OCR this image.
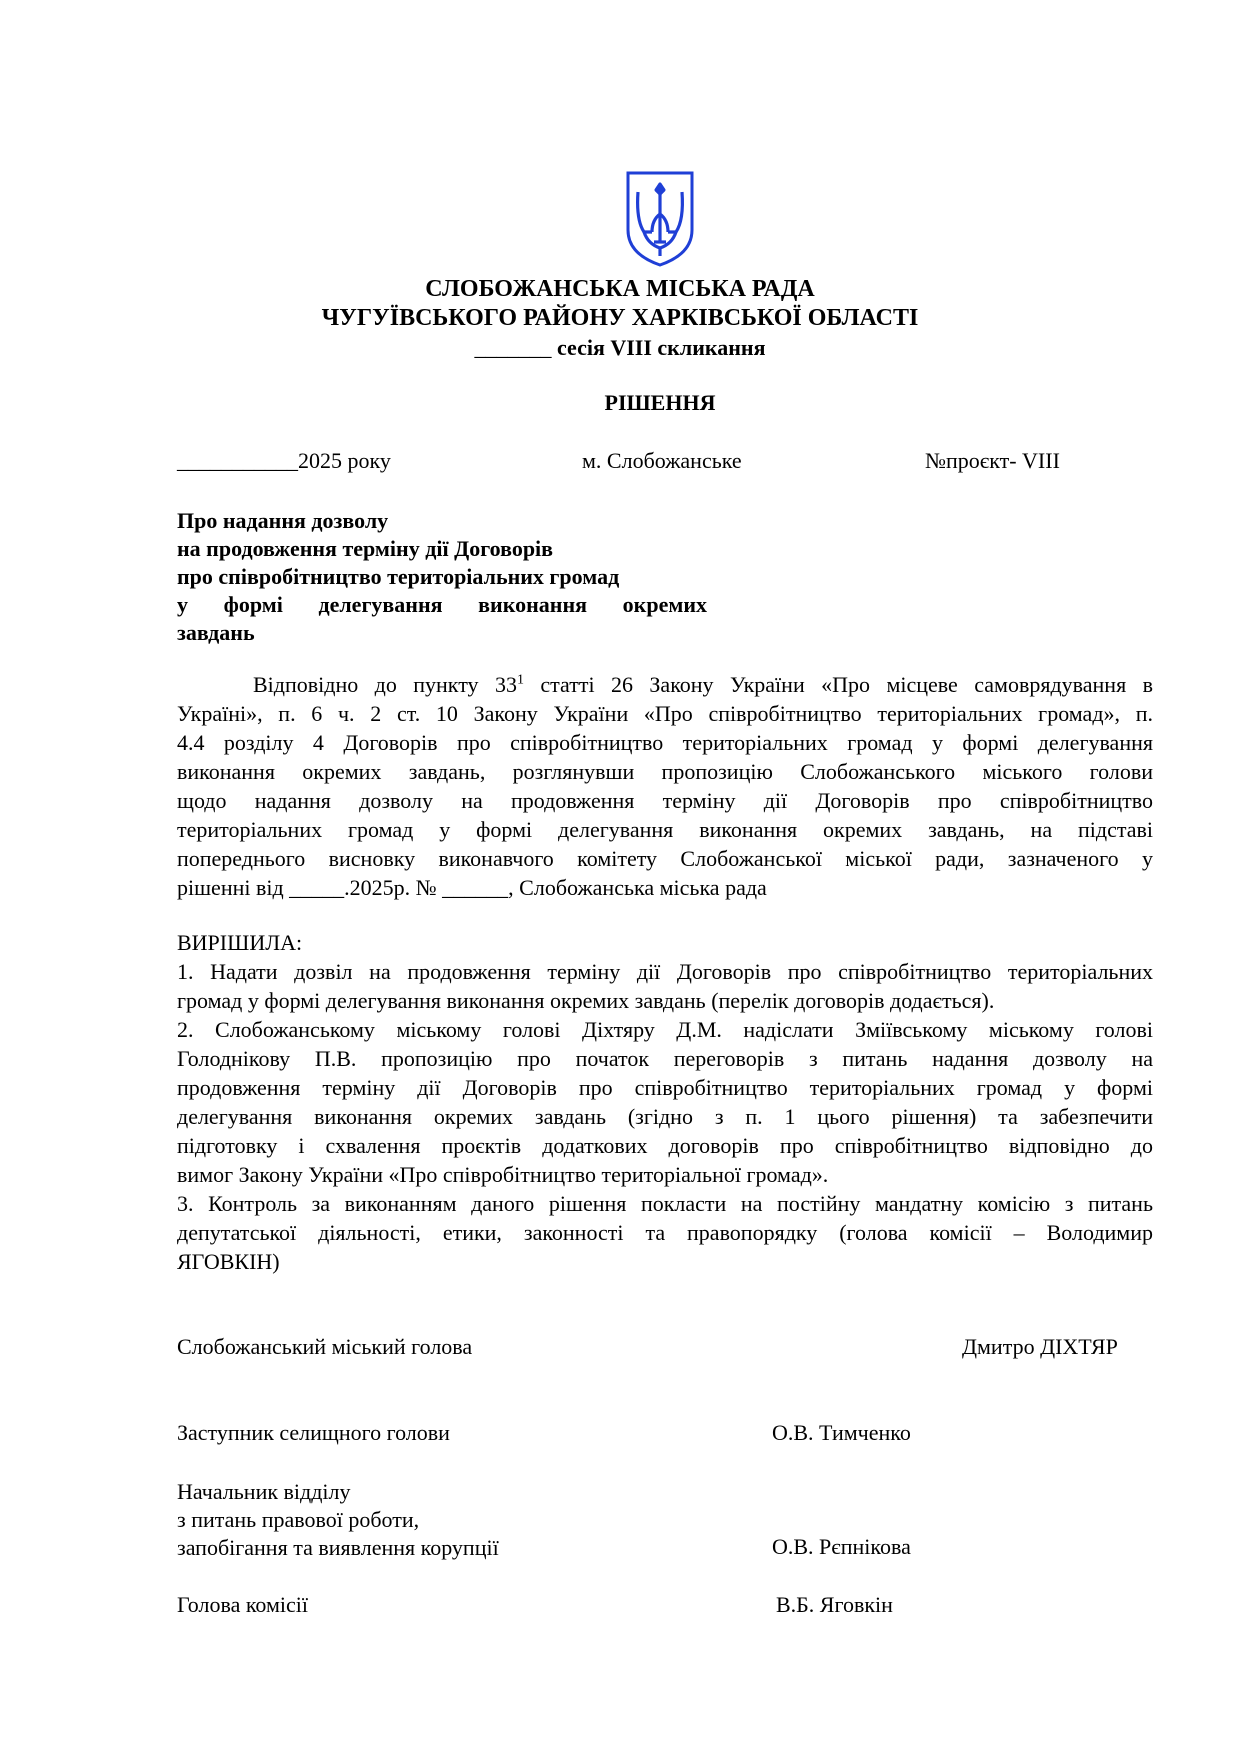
СЛОБОЖАНСЬКА МІСЬКА РАДА
ЧУГУЇВСЬКОГО РАЙОНУ ХАРКІВСЬКОЇ ОБЛАСТІ
_______ сесія VIII скликання
РІШЕННЯ
___________2025 року	м. Слобожанське	№проєкт- VIII
Про надання дозволу
на продовження терміну дії Договорів
про співробітництво територіальних громад
у   формі   делегування   виконання   окремих
завдань
Відповідно до пункту $33^1$ статті 26 Закону України «Про місцеве самоврядування в
Україні», п. 6 ч. 2 ст. 10 Закону України «Про співробітництво територіальних громад», п.
4.4 розділу 4 Договорів про співробітництво територіальних громад у формі делегування
виконання окремих завдань, розглянувши пропозицію Слобожанського міського голови
щодо надання дозволу на продовження терміну дії Договорів про співробітництво
територіальних громад у формі делегування виконання окремих завдань, на підставі
попереднього висновку виконавчого комітету Слобожанської міської ради, зазначеного у
рішенні від _____.2025р. № ______, Слобожанська міська рада
ВИРІШИЛА:
1. Надати дозвіл на продовження терміну дії Договорів про співробітництво територіальних
громад у формі делегування виконання окремих завдань (перелік договорів додається).
2. Слобожанському міському голові Діхтяру Д.М. надіслати Зміївському міському голові
Голоднікову П.В. пропозицію про початок переговорів з питань надання дозволу на
продовження терміну дії Договорів про співробітництво територіальних громад у формі
делегування виконання окремих завдань (згідно з п. 1 цього рішення) та забезпечити
підготовку і схвалення проєктів додаткових договорів про співробітництво відповідно до
вимог Закону України «Про співробітництво територіальної громад».
3. Контроль за виконанням даного рішення покласти на постійну мандатну комісію з питань
депутатської діяльності, етики, законності та правопорядку (голова комісії – Володимир
ЯГОВКІН)
Слобожанський міський голова	Дмитро ДІХТЯР
Заступник селищного голови	О.В. Тимченко
Начальник відділу
з питань правової роботи,
запобігання та виявлення корупції	О.В. Рєпнікова
Голова комісії	В.Б. Яговкін
